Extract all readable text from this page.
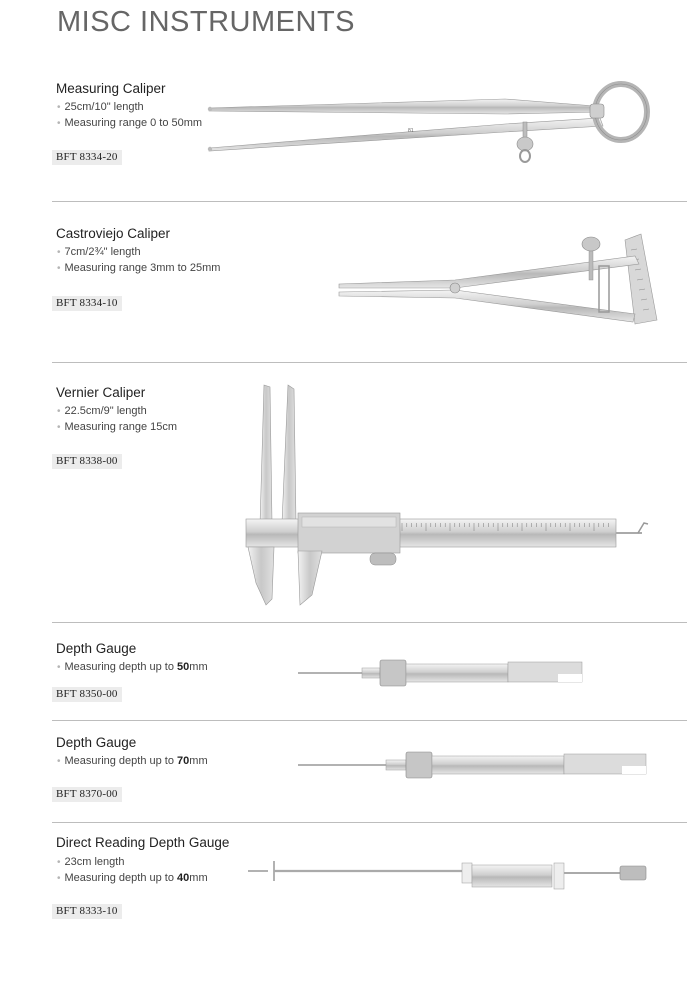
MISC INSTRUMENTS
Measuring Caliper
• 25cm/10" length
• Measuring range 0 to 50mm
BFT 8334-20
81
Castroviejo Caliper
• 7cm/2¾" length
• Measuring range 3mm to 25mm
BFT 8334-10
Vernier Caliper
• 22.5cm/9" length
• Measuring range 15cm
BFT 8338-00
Depth Gauge
• Measuring depth up to 50mm
BFT 8350-00
Depth Gauge
• Measuring depth up to 70mm
BFT 8370-00
Direct Reading Depth Gauge
• 23cm length
• Measuring depth up to 40mm
BFT 8333-10
